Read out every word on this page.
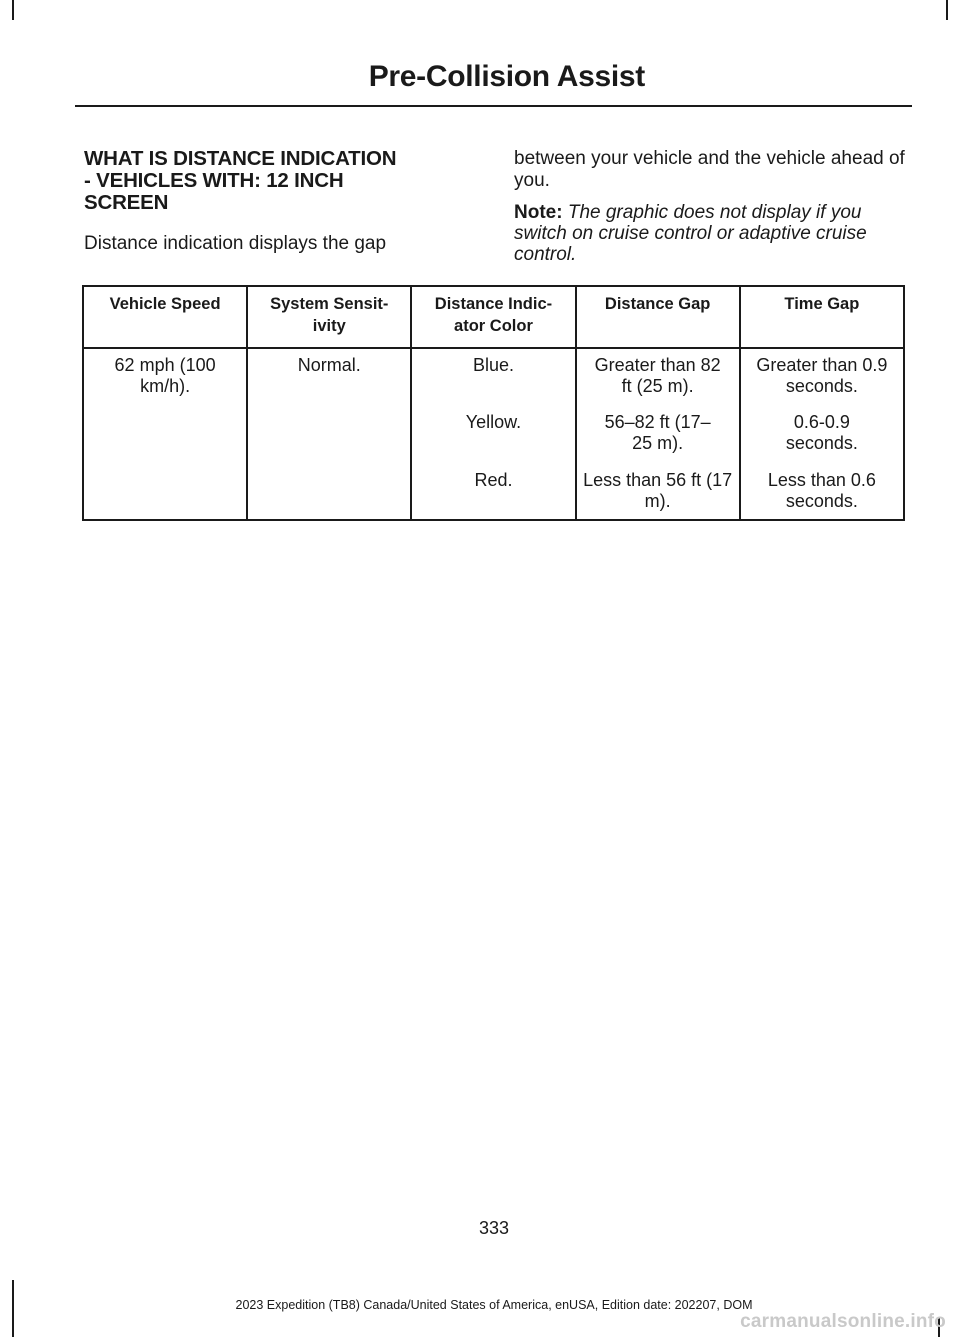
Pre-Collision Assist
WHAT IS DISTANCE INDICATION
- VEHICLES WITH: 12 INCH
SCREEN

Distance indication displays the gap

between your vehicle and the vehicle ahead of you.

Note: The graphic does not display if you switch on cruise control or adaptive cruise control.

Vehicle Speed	System Sensit-ivity	Distance Indic-ator Color	Distance Gap	Time Gap
62 mph (100 km/h).	Normal.	Blue.	Greater than 82 ft (25 m).	Greater than 0.9 seconds.
		Yellow.	56–82 ft (17–25 m).	0.6-0.9 seconds.
		Red.	Less than 56 ft (17 m).	Less than 0.6 seconds.
333
2023 Expedition (TB8) Canada/United States of America, enUSA, Edition date: 202207, DOM
carmanualsonline.info
